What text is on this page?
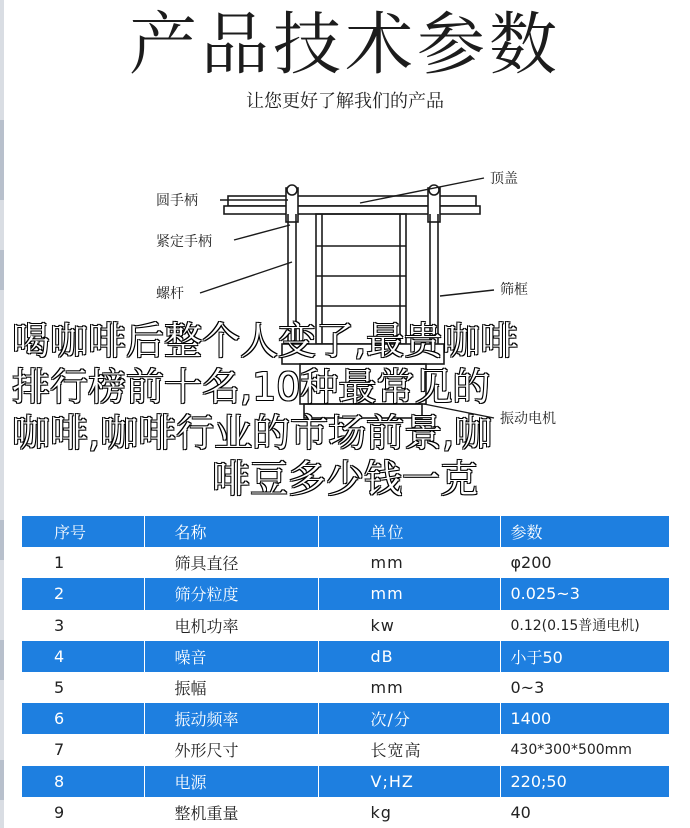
产品技术参数
让您更好了解我们的产品
圆手柄
紧定手柄
螺杆
顶盖
筛框
振动电机
喝咖啡后整个人变了,最贵咖啡
排行榜前十名,10种最常见的
咖啡,咖啡行业的市场前景,咖
啡豆多少钱一克
序号	名称	单位	参数
1	筛具直径	mm	φ200
2	筛分粒度	mm	0.025~3
3	电机功率	kw	0.12(0.15普通电机)
4	噪音	dB	小于50
5	振幅	mm	0~3
6	振动频率	次/分	1400
7	外形尺寸	长宽高	430*300*500mm
8	电源	V;HZ	220;50
9	整机重量	kg	40
